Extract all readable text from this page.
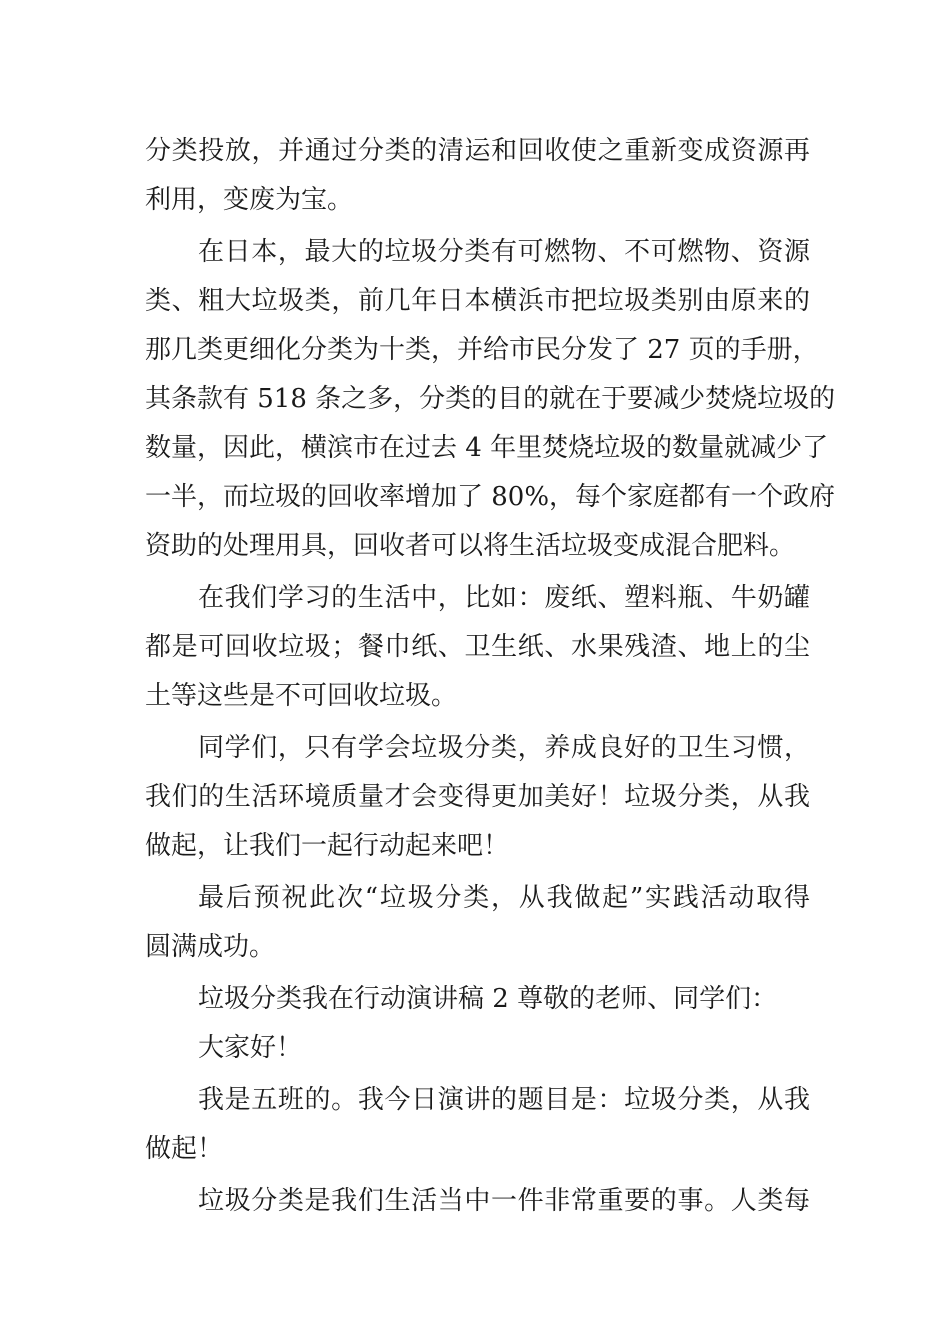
分类投放，并通过分类的清运和回收使之重新变成资源再
利用，变废为宝。
在日本，最大的垃圾分类有可燃物、不可燃物、资源
类、粗大垃圾类，前几年日本横浜市把垃圾类别由原来的
那几类更细化分类为十类，并给市民分发了 27 页的手册，
其条款有 518 条之多，分类的目的就在于要减少焚烧垃圾的
数量，因此，横滨市在过去 4 年里焚烧垃圾的数量就减少了
一半，而垃圾的回收率增加了 80%，每个家庭都有一个政府
资助的处理用具，回收者可以将生活垃圾变成混合肥料。
在我们学习的生活中，比如：废纸、塑料瓶、牛奶罐
都是可回收垃圾；餐巾纸、卫生纸、水果残渣、地上的尘
土等这些是不可回收垃圾。
同学们，只有学会垃圾分类，养成良好的卫生习惯，
我们的生活环境质量才会变得更加美好！垃圾分类，从我
做起，让我们一起行动起来吧！
最后预祝此次“垃圾分类，从我做起”实践活动取得
圆满成功。
垃圾分类我在行动演讲稿 2 尊敬的老师、同学们：
大家好！
我是五班的。我今日演讲的题目是：垃圾分类，从我
做起！
垃圾分类是我们生活当中一件非常重要的事。人类每
